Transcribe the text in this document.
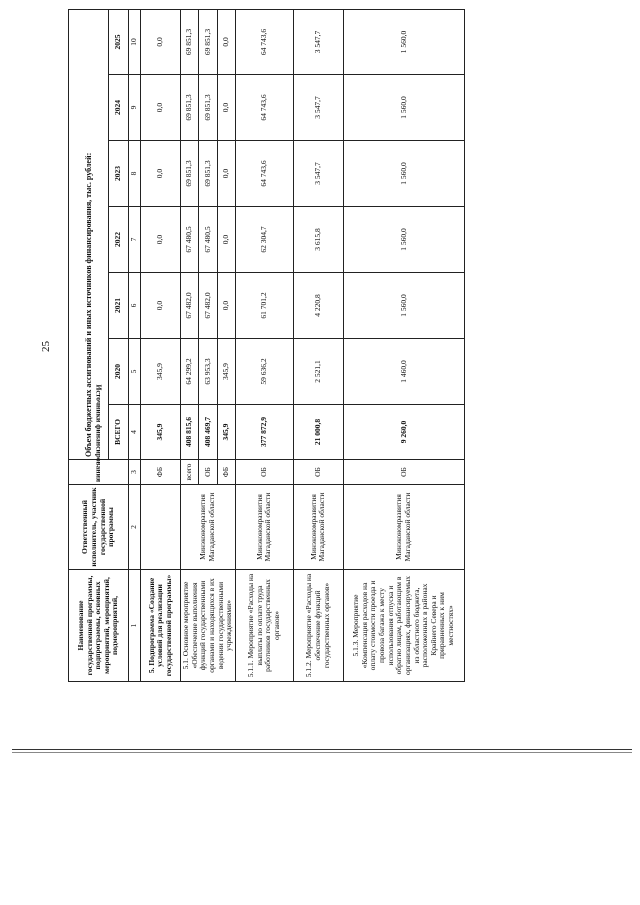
25
Наименование государственной программы, подпрограммы, основных мероприятий, мероприятий, подмероприятий,	Ответственный исполнитель, участник государственной программы	Источники финансирования	Объем бюджетных ассигнований и иных источников финансирования, тыс. рублей:						
			ВСЕГО	2020	2021	2022	2023	2024	2025
1	2	3	4	5	6	7	8	9	10
5. Подпрограмма «Создание условий для реализации государственной программы»		ФБ	345,9	345,9	0,0	0,0	0,0	0,0	0,0
5.1. Основное мероприятие «Обеспечение выполнения функций государственными органами и находящихся в их ведении государственными учреждениями»	Минэкономразвития Магаданской области	всего	408 815,6	64 299,2	67 482,0	67 480,5	69 851,3	69 851,3	69 851,3
		ОБ	408 469,7	63 953,3	67 482,0	67 480,5	69 851,3	69 851,3	69 851,3
		ФБ	345,9	345,9	0,0	0,0	0,0	0,0	0,0
5.1.1. Мероприятие «Расходы на выплаты по оплате труда работников государственных органов»	Минэкономразвития Магаданской области	ОБ	377 872,9	59 636,2	61 701,2	62 304,7	64 743,6	64 743,6	64 743,6
5.1.2. Мероприятие «Расходы на обеспечение функций государственных органов»	Минэкономразвития Магаданской области	ОБ	21 000,8	2 521,1	4 220,8	3 615,8	3 547,7	3 547,7	3 547,7
5.1.3. Мероприятие «Компенсация расходов на оплату стоимости проезда и провоза багажа к месту использования отпуска и обратно лицам, работающим в организациях, финансируемых из областного бюджета, расположенных в районах Крайнего Севера и приравненных к ним местностях»	Минэкономразвития Магаданской области	ОБ	9 260,0	1 460,0	1 560,0	1 560,0	1 560,0	1 560,0	1 560,0
